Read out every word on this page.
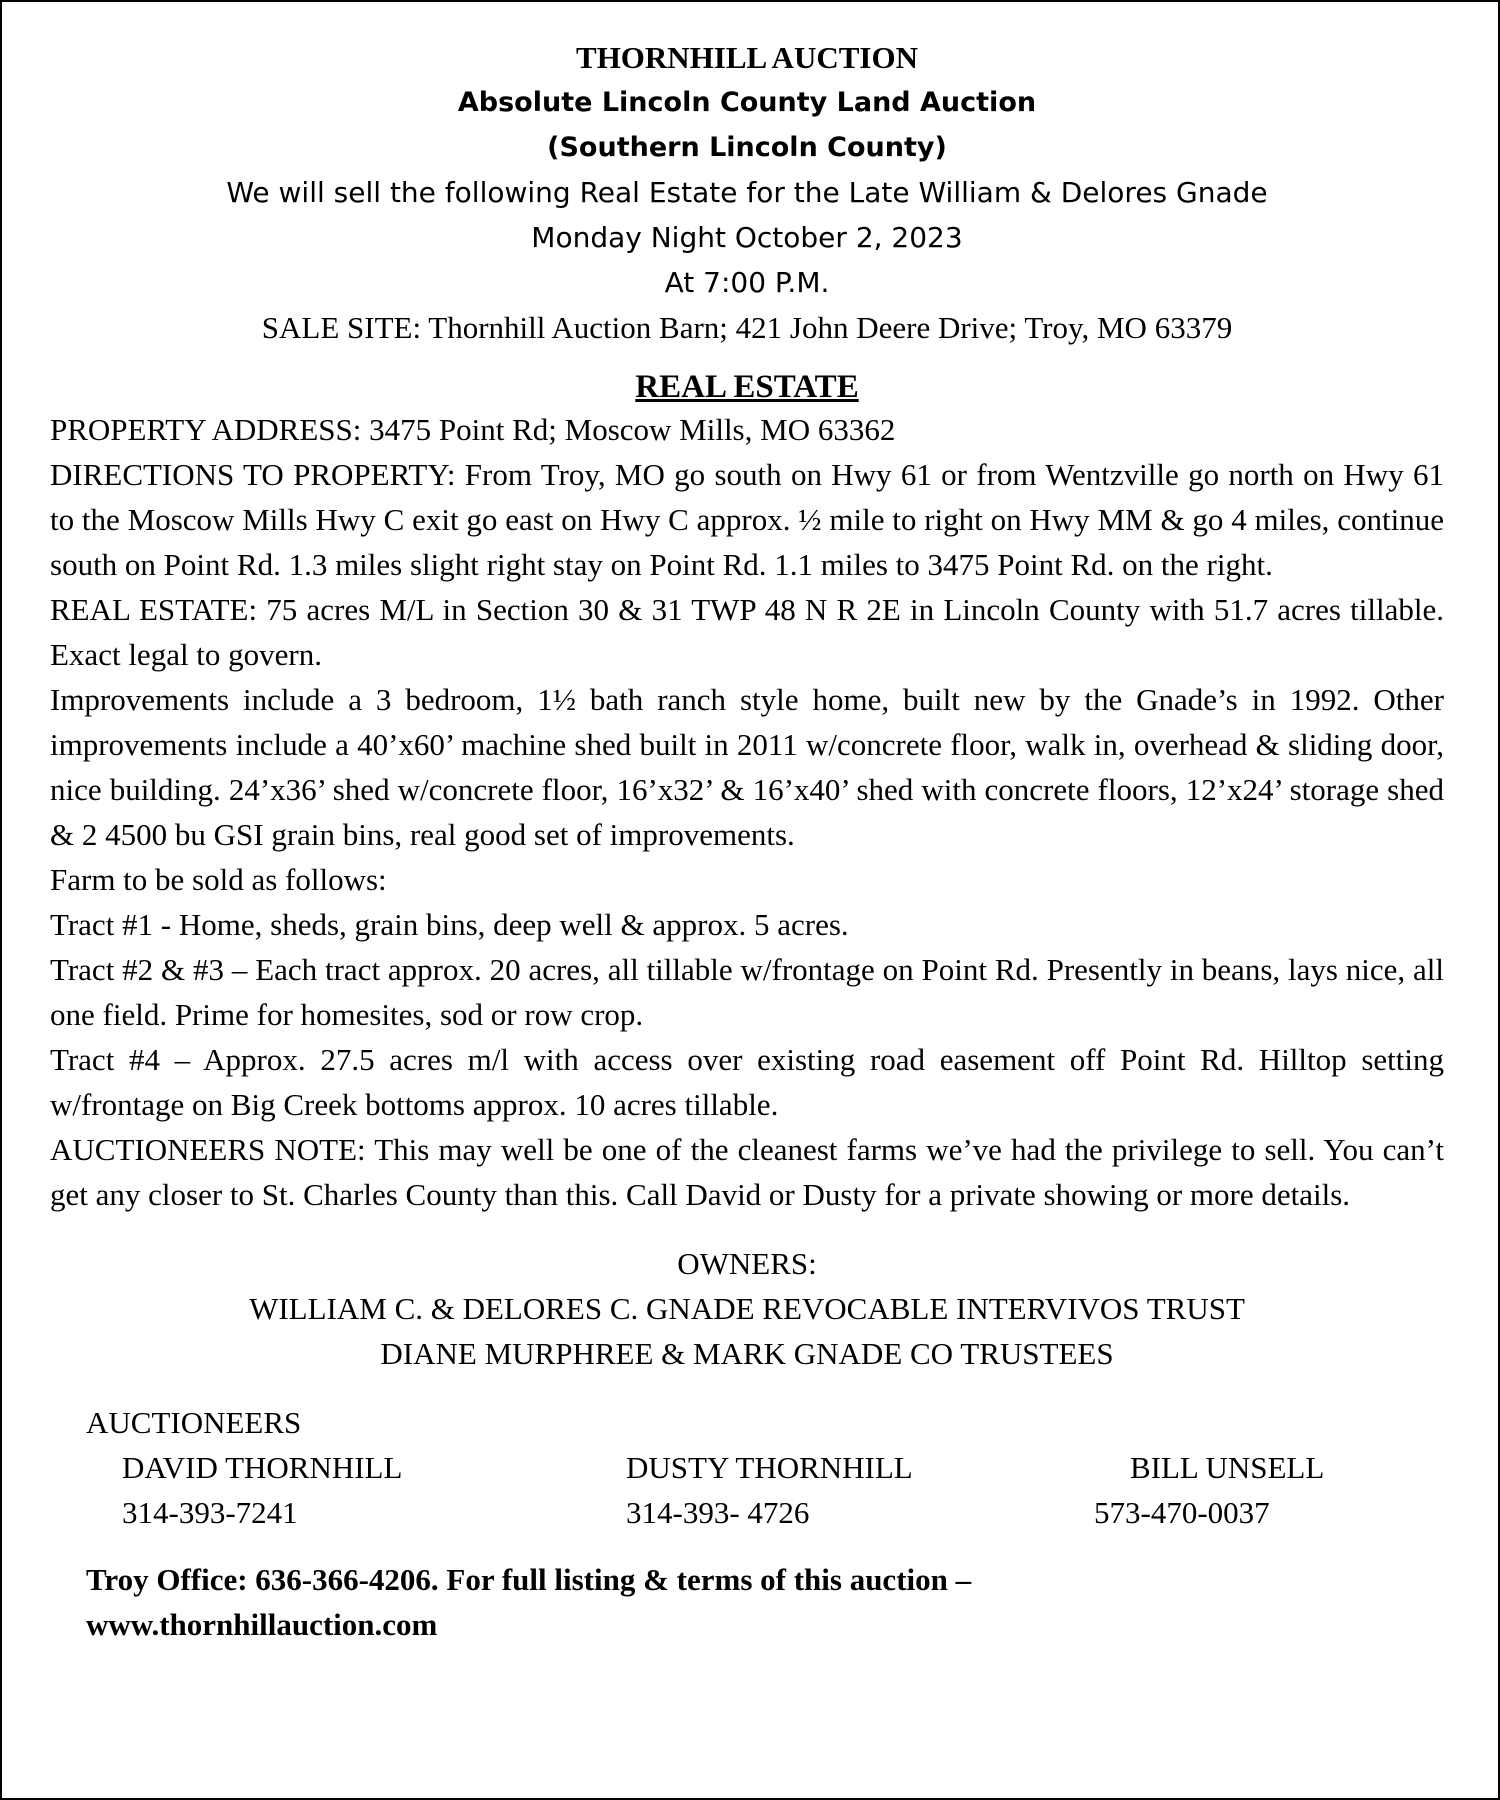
THORNHILL AUCTION
Absolute Lincoln County Land Auction
(Southern Lincoln County)
We will sell the following Real Estate for the Late William & Delores Gnade
Monday Night October 2, 2023
At 7:00 P.M.
SALE SITE: Thornhill Auction Barn; 421 John Deere Drive; Troy, MO 63379
REAL ESTATE

PROPERTY ADDRESS: 3475 Point Rd; Moscow Mills, MO 63362

DIRECTIONS TO PROPERTY: From Troy, MO go south on Hwy 61 or from Wentzville go north on Hwy 61 to the Moscow Mills Hwy C exit go east on Hwy C approx. ½ mile to right on Hwy MM & go 4 miles, continue south on Point Rd. 1.3 miles slight right stay on Point Rd. 1.1 miles to 3475 Point Rd. on the right.

REAL ESTATE: 75 acres M/L in Section 30 & 31 TWP 48 N R 2E in Lincoln County with 51.7 acres tillable. Exact legal to govern.

Improvements include a 3 bedroom, 1½ bath ranch style home, built new by the Gnade’s in 1992. Other improvements include a 40’x60’ machine shed built in 2011 w/concrete floor, walk in, overhead & sliding door, nice building. 24’x36’ shed w/concrete floor, 16’x32’ & 16’x40’ shed with concrete floors, 12’x24’ storage shed & 2 4500 bu GSI grain bins, real good set of improvements.

Farm to be sold as follows:

Tract #1 - Home, sheds, grain bins, deep well & approx. 5 acres.

Tract #2 & #3 – Each tract approx. 20 acres, all tillable w/frontage on Point Rd. Presently in beans, lays nice, all one field. Prime for homesites, sod or row crop.

Tract #4 – Approx. 27.5 acres m/l with access over existing road easement off Point Rd. Hilltop setting w/frontage on Big Creek bottoms approx. 10 acres tillable.

AUCTIONEERS NOTE: This may well be one of the cleanest farms we’ve had the privilege to sell. You can’t get any closer to St. Charles County than this. Call David or Dusty for a private showing or more details.

OWNERS:
WILLIAM C. & DELORES C. GNADE REVOCABLE INTERVIVOS TRUST
DIANE MURPHREE & MARK GNADE CO TRUSTEES
AUCTIONEERS
DAVID THORNHILL
314-393-7241
DUSTY THORNHILL
314-393- 4726
BILL UNSELL
573-470-0037
Troy Office: 636-366-4206. For full listing & terms of this auction –
www.thornhillauction.com
